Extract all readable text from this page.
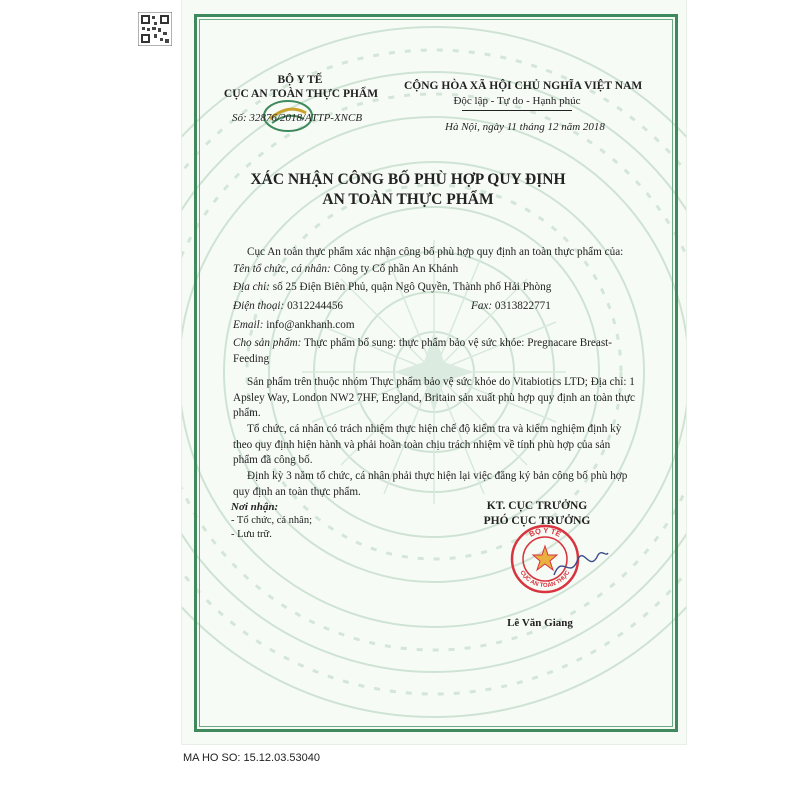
BỘ Y TẾ
CỤC AN TOÀN THỰC PHẨM
Số: 32876/2018/ATTP-XNCB
CỘNG HÒA XÃ HỘI CHỦ NGHĨA VIỆT NAM
Độc lập - Tự do - Hạnh phúc
Hà Nội, ngày 11 tháng 12 năm 2018
XÁC NHẬN CÔNG BỐ PHÙ HỢP QUY ĐỊNH
AN TOÀN THỰC PHẨM
Cục An toàn thực phẩm xác nhận công bố phù hợp quy định an toàn thực phẩm của:
Tên tổ chức, cá nhân: Công ty Cổ phần An Khánh
Địa chỉ: số 25 Điện Biên Phủ, quận Ngô Quyền, Thành phố Hải Phòng
Điện thoại: 0312244456	Fax: 0313822771
Email: info@ankhanh.com
Cho sản phẩm: Thực phẩm bổ sung: thực phẩm bảo vệ sức khỏe: Pregnacare Breast-Feeding
Sản phẩm trên thuộc nhóm Thực phẩm bảo vệ sức khỏe do Vitabiotics LTD; Địa chỉ: 1 Apsley Way, London NW2 7HF, England, Britain sản xuất phù hợp quy định an toàn thực phẩm.
Tổ chức, cá nhân có trách nhiệm thực hiện chế độ kiểm tra và kiểm nghiệm định kỳ theo quy định hiện hành và phải hoàn toàn chịu trách nhiệm về tính phù hợp của sản phẩm đã công bố.
Định kỳ 3 năm tổ chức, cá nhân phải thực hiện lại việc đăng ký bản công bố phù hợp quy định an toàn thực phẩm.
Nơi nhận:
- Tổ chức, cá nhân;
- Lưu trữ.
KT. CỤC TRƯỞNG
PHÓ CỤC TRƯỞNG
BỘ Y TẾ
CỤC AN TOÀN THỰC
Lê Văn Giang
MA HO SO: 15.12.03.53040
